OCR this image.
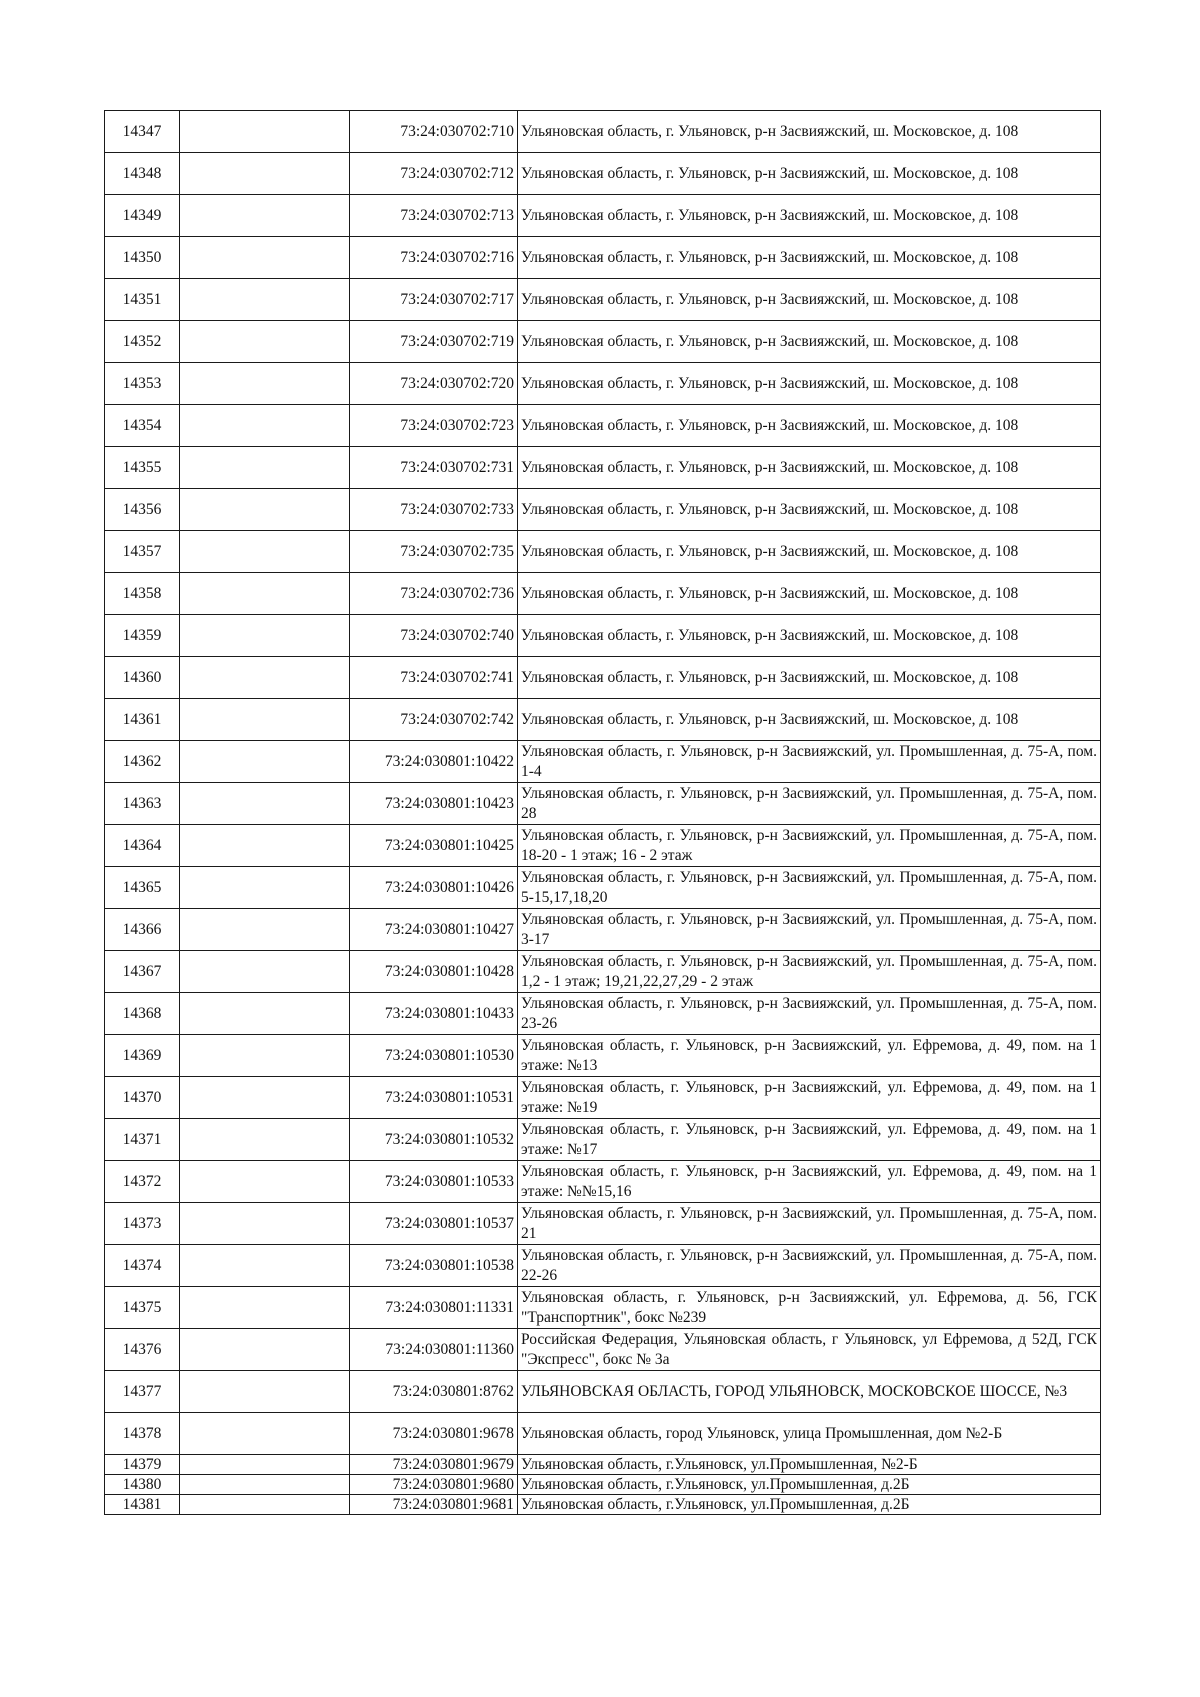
14347		73:24:030702:710	Ульяновская область, г. Ульяновск, р-н Засвияжский, ш. Московское, д. 108
14348		73:24:030702:712	Ульяновская область, г. Ульяновск, р-н Засвияжский, ш. Московское, д. 108
14349		73:24:030702:713	Ульяновская область, г. Ульяновск, р-н Засвияжский, ш. Московское, д. 108
14350		73:24:030702:716	Ульяновская область, г. Ульяновск, р-н Засвияжский, ш. Московское, д. 108
14351		73:24:030702:717	Ульяновская область, г. Ульяновск, р-н Засвияжский, ш. Московское, д. 108
14352		73:24:030702:719	Ульяновская область, г. Ульяновск, р-н Засвияжский, ш. Московское, д. 108
14353		73:24:030702:720	Ульяновская область, г. Ульяновск, р-н Засвияжский, ш. Московское, д. 108
14354		73:24:030702:723	Ульяновская область, г. Ульяновск, р-н Засвияжский, ш. Московское, д. 108
14355		73:24:030702:731	Ульяновская область, г. Ульяновск, р-н Засвияжский, ш. Московское, д. 108
14356		73:24:030702:733	Ульяновская область, г. Ульяновск, р-н Засвияжский, ш. Московское, д. 108
14357		73:24:030702:735	Ульяновская область, г. Ульяновск, р-н Засвияжский, ш. Московское, д. 108
14358		73:24:030702:736	Ульяновская область, г. Ульяновск, р-н Засвияжский, ш. Московское, д. 108
14359		73:24:030702:740	Ульяновская область, г. Ульяновск, р-н Засвияжский, ш. Московское, д. 108
14360		73:24:030702:741	Ульяновская область, г. Ульяновск, р-н Засвияжский, ш. Московское, д. 108
14361		73:24:030702:742	Ульяновская область, г. Ульяновск, р-н Засвияжский, ш. Московское, д. 108
14362		73:24:030801:10422	Ульяновская область, г. Ульяновск, р-н Засвияжский, ул. Промышленная, д. 75-А, пом. 1-4
14363		73:24:030801:10423	Ульяновская область, г. Ульяновск, р-н Засвияжский, ул. Промышленная, д. 75-А, пом. 28
14364		73:24:030801:10425	Ульяновская область, г. Ульяновск, р-н Засвияжский, ул. Промышленная, д. 75-А, пом. 18-20 - 1 этаж; 16 - 2 этаж
14365		73:24:030801:10426	Ульяновская область, г. Ульяновск, р-н Засвияжский, ул. Промышленная, д. 75-А, пом. 5-15,17,18,20
14366		73:24:030801:10427	Ульяновская область, г. Ульяновск, р-н Засвияжский, ул. Промышленная, д. 75-А, пом. 3-17
14367		73:24:030801:10428	Ульяновская область, г. Ульяновск, р-н Засвияжский, ул. Промышленная, д. 75-А, пом. 1,2 - 1 этаж; 19,21,22,27,29 - 2 этаж
14368		73:24:030801:10433	Ульяновская область, г. Ульяновск, р-н Засвияжский, ул. Промышленная, д. 75-А, пом. 23-26
14369		73:24:030801:10530	Ульяновская область, г. Ульяновск, р-н Засвияжский, ул. Ефремова, д. 49, пом. на 1 этаже: №13
14370		73:24:030801:10531	Ульяновская область, г. Ульяновск, р-н Засвияжский, ул. Ефремова, д. 49, пом. на 1 этаже: №19
14371		73:24:030801:10532	Ульяновская область, г. Ульяновск, р-н Засвияжский, ул. Ефремова, д. 49, пом. на 1 этаже: №17
14372		73:24:030801:10533	Ульяновская область, г. Ульяновск, р-н Засвияжский, ул. Ефремова, д. 49, пом. на 1 этаже: №№15,16
14373		73:24:030801:10537	Ульяновская область, г. Ульяновск, р-н Засвияжский, ул. Промышленная, д. 75-А, пом. 21
14374		73:24:030801:10538	Ульяновская область, г. Ульяновск, р-н Засвияжский, ул. Промышленная, д. 75-А, пом. 22-26
14375		73:24:030801:11331	Ульяновская область, г. Ульяновск, р-н Засвияжский, ул. Ефремова, д. 56, ГСК "Транспортник", бокс №239
14376		73:24:030801:11360	Российская Федерация, Ульяновская область, г Ульяновск, ул Ефремова, д 52Д, ГСК "Экспресс", бокс № 3а
14377		73:24:030801:8762	УЛЬЯНОВСКАЯ ОБЛАСТЬ, ГОРОД УЛЬЯНОВСК, МОСКОВСКОЕ ШОССЕ, №3
14378		73:24:030801:9678	Ульяновская область, город Ульяновск, улица Промышленная, дом №2-Б
14379		73:24:030801:9679	Ульяновская область, г.Ульяновск, ул.Промышленная, №2-Б
14380		73:24:030801:9680	Ульяновская область, г.Ульяновск, ул.Промышленная, д.2Б
14381		73:24:030801:9681	Ульяновская область, г.Ульяновск, ул.Промышленная, д.2Б
